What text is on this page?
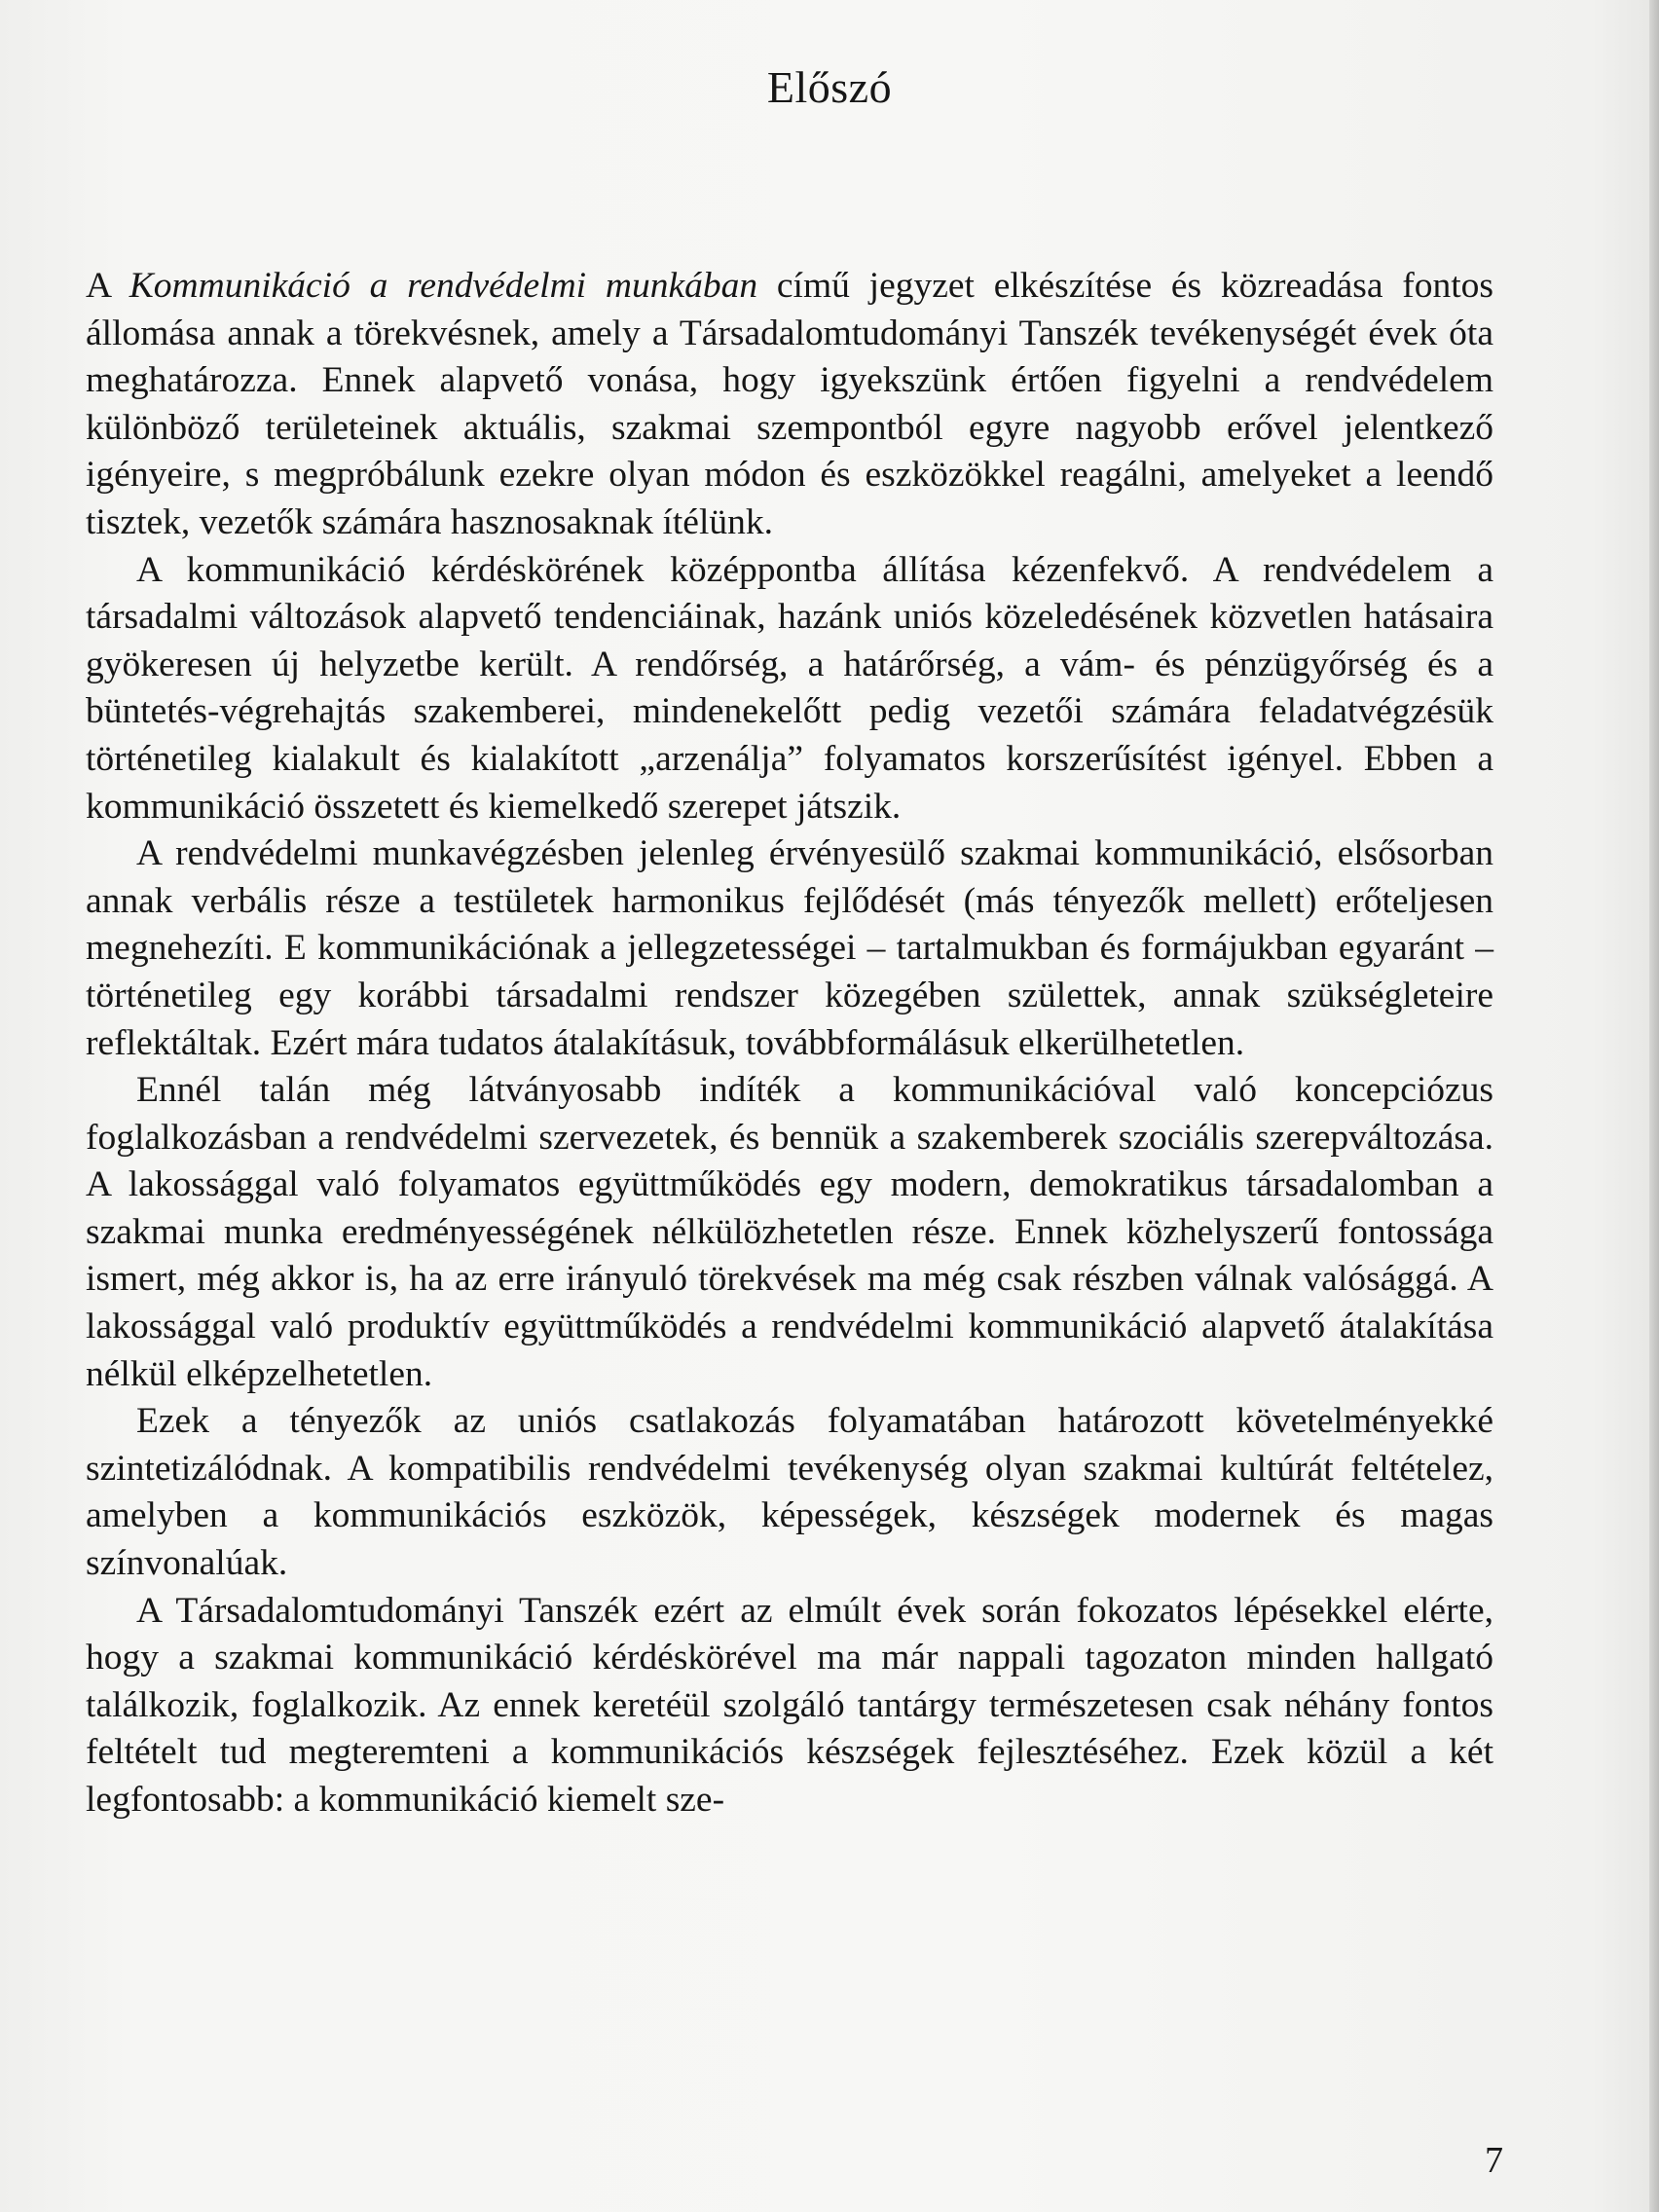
Előszó

A Kommunikáció a rendvédelmi munkában című jegyzet elkészítése és közreadása fontos állomása annak a törekvésnek, amely a Társadalomtudományi Tanszék tevékenységét évek óta meghatározza. Ennek alapvető vonása, hogy igyekszünk értően figyelni a rendvédelem különböző területeinek aktuális, szakmai szempontból egyre nagyobb erővel jelentkező igényeire, s megpróbálunk ezekre olyan módon és eszközökkel reagálni, amelyeket a leendő tisztek, vezetők számára hasznosaknak ítélünk.

A kommunikáció kérdéskörének középpontba állítása kézenfekvő. A rendvédelem a társadalmi változások alapvető tendenciáinak, hazánk uniós közeledésének közvetlen hatásaira gyökeresen új helyzetbe került. A rendőrség, a határőrség, a vám- és pénzügyőrség és a büntetés-végrehajtás szakemberei, mindenekelőtt pedig vezetői számára feladatvégzésük történetileg kialakult és kialakított „arzenálja” folyamatos korszerűsítést igényel. Ebben a kommunikáció összetett és kiemelkedő szerepet játszik.

A rendvédelmi munkavégzésben jelenleg érvényesülő szakmai kommunikáció, elsősorban annak verbális része a testületek harmonikus fejlődését (más tényezők mellett) erőteljesen megnehezíti. E kommunikációnak a jellegzetességei – tartalmukban és formájukban egyaránt – történetileg egy korábbi társadalmi rendszer közegében születtek, annak szükségleteire reflektáltak. Ezért mára tudatos átalakításuk, továbbformálásuk elkerülhetetlen.

Ennél talán még látványosabb indíték a kommunikációval való koncepciózus foglalkozásban a rendvédelmi szervezetek, és bennük a szakemberek szociális szerepváltozása. A lakossággal való folyamatos együttműködés egy modern, demokratikus társadalomban a szakmai munka eredményességének nélkülözhetetlen része. Ennek közhelyszerű fontossága ismert, még akkor is, ha az erre irányuló törekvések ma még csak részben válnak valósággá. A lakossággal való produktív együttműködés a rendvédelmi kommunikáció alapvető átalakítása nélkül elképzelhetetlen.

Ezek a tényezők az uniós csatlakozás folyamatában határozott követelményekké szintetizálódnak. A kompatibilis rendvédelmi tevékenység olyan szakmai kultúrát feltételez, amelyben a kommunikációs eszközök, képességek, készségek modernek és magas színvonalúak.

A Társadalomtudományi Tanszék ezért az elmúlt évek során fokozatos lépésekkel elérte, hogy a szakmai kommunikáció kérdéskörével ma már nappali tagozaton minden hallgató találkozik, foglalkozik. Az ennek keretéül szolgáló tantárgy természetesen csak néhány fontos feltételt tud megteremteni a kommunikációs készségek fejlesztéséhez. Ezek közül a két legfontosabb: a kommunikáció kiemelt sze-

7
